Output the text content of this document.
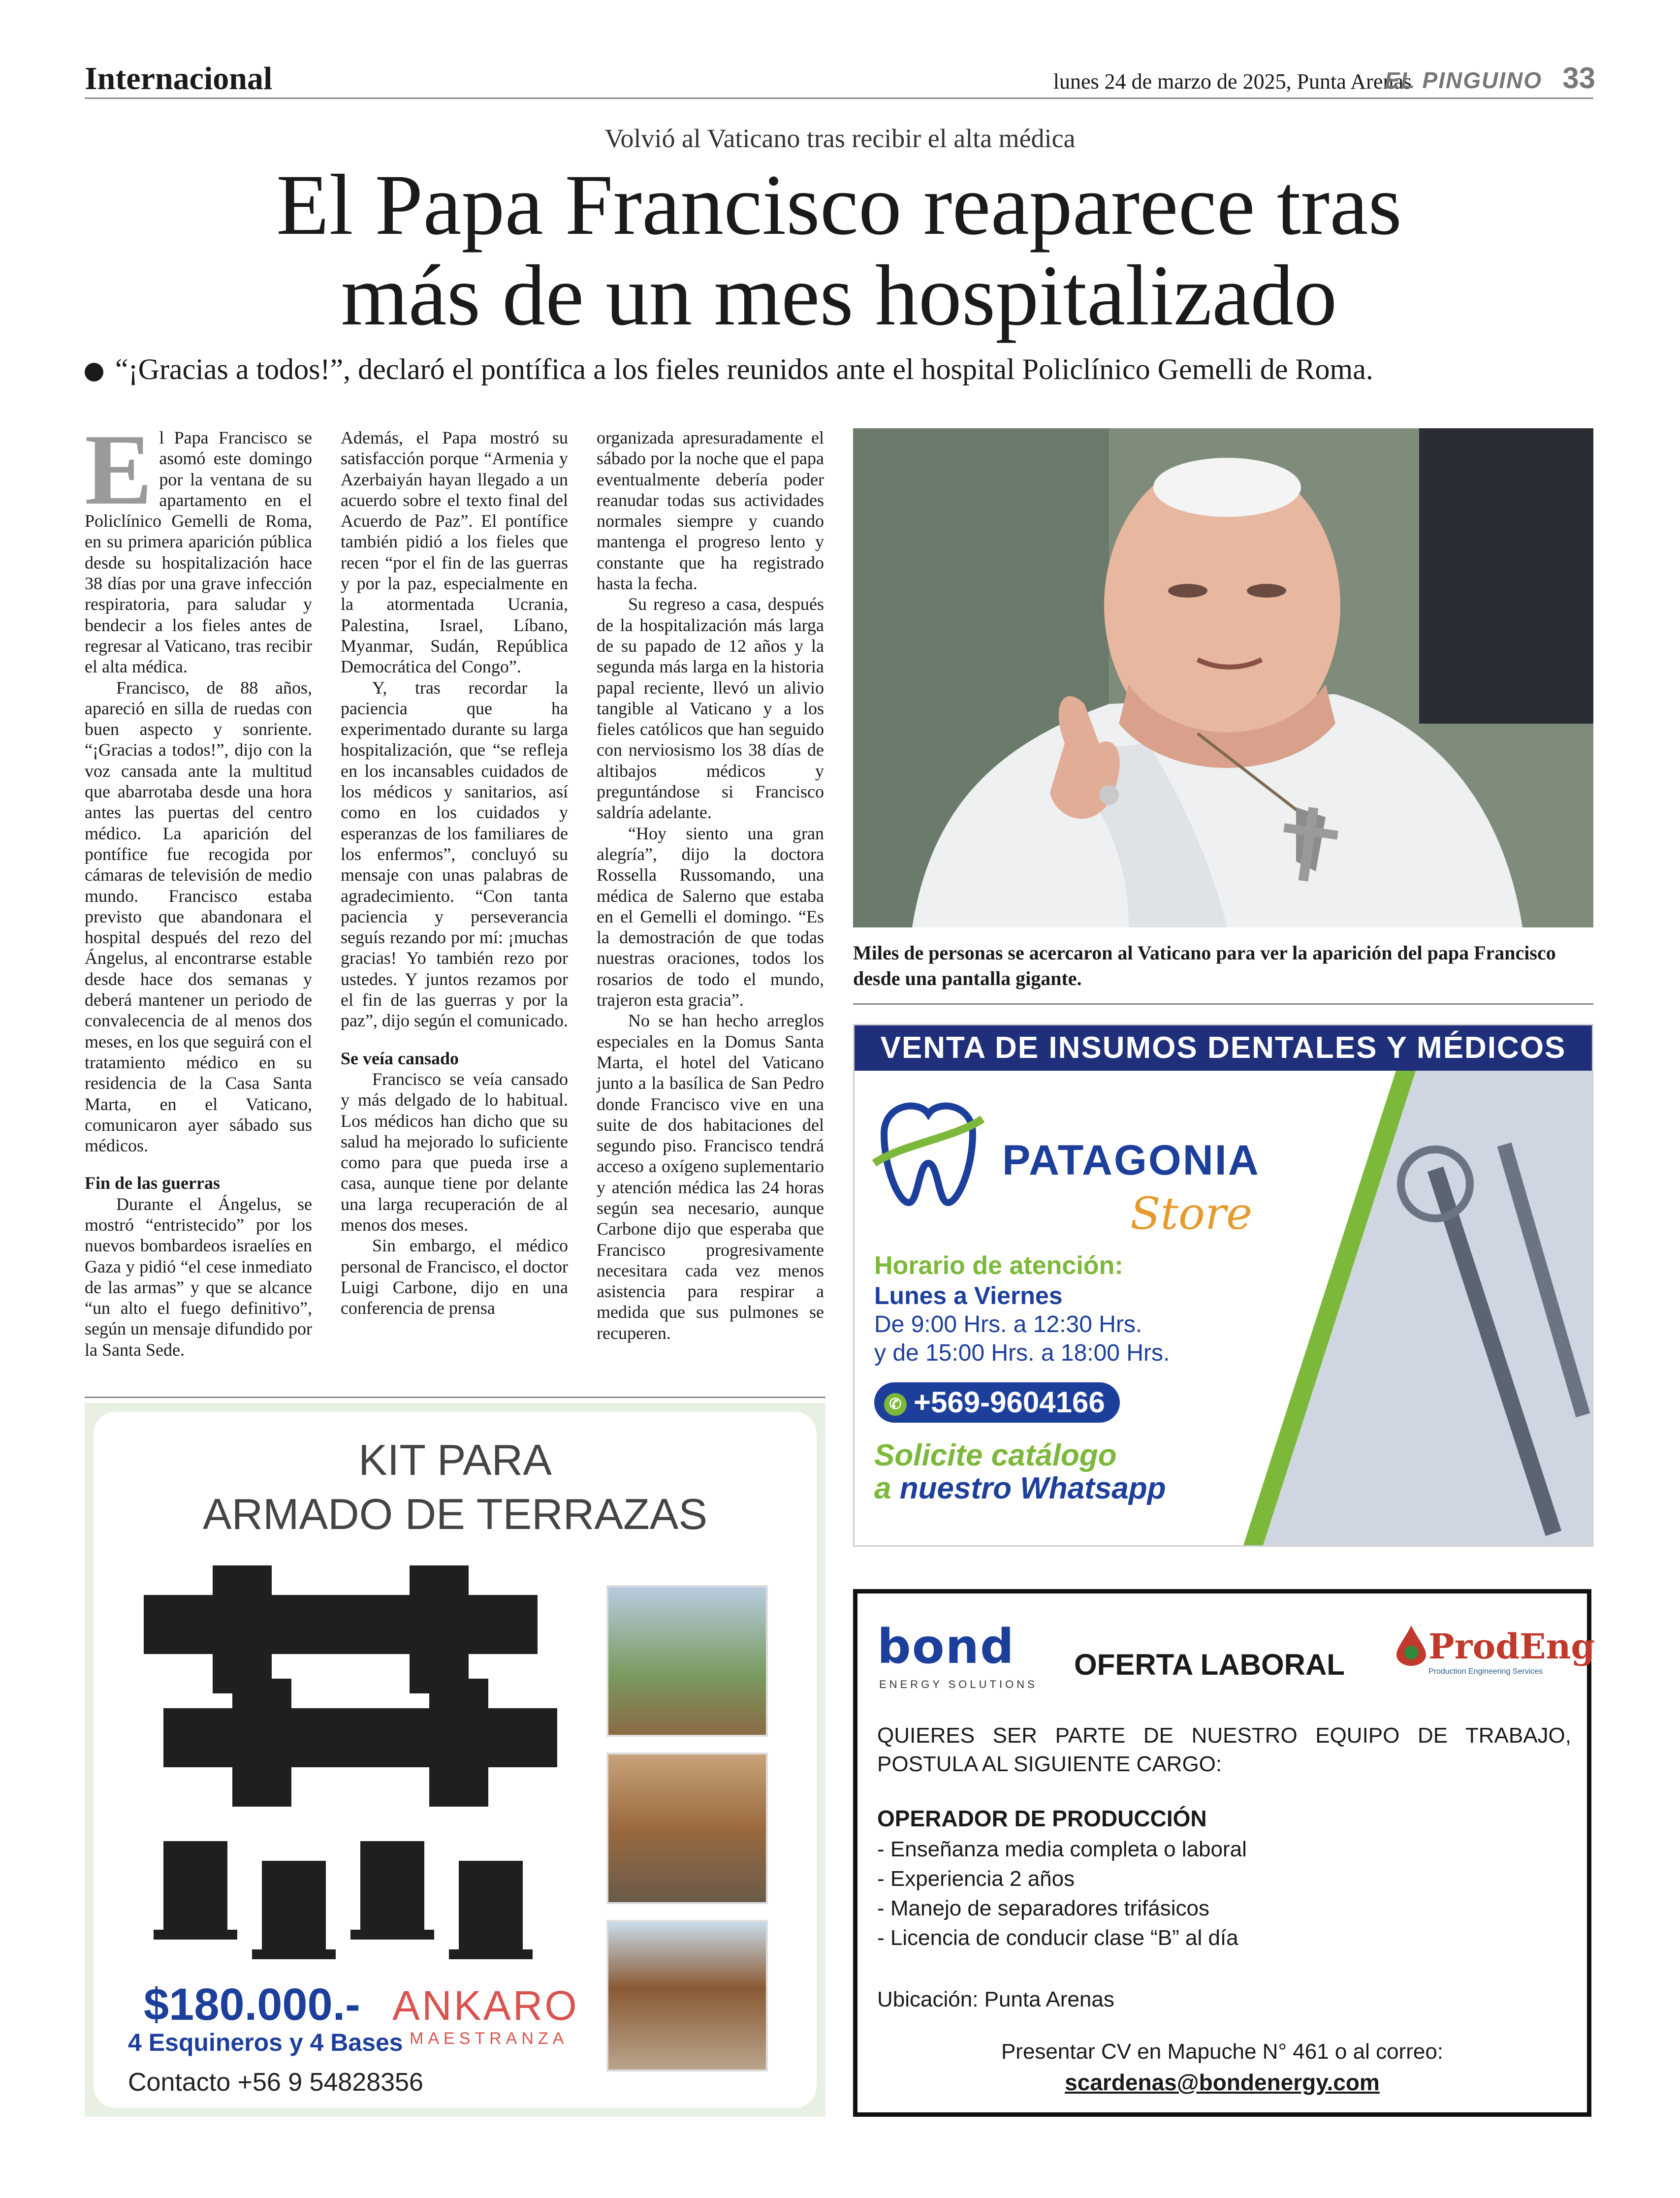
Internacional	lunes 24 de marzo de 2025, Punta Arenas
EL PINGUINO 33
Volvió al Vaticano tras recibir el alta médica
El Papa Francisco reaparece tras
más de un mes hospitalizado
“¡Gracias a todos!”, declaró el pontífica a los fieles reunidos ante el hospital Policlínico Gemelli de Roma.

El Papa Francisco se asomó este domingo por la ventana de su apartamento en el Policlínico Gemelli de Roma, en su primera aparición pública desde su hospitalización hace 38 días por una grave infección respiratoria, para saludar y bendecir a los fieles antes de regresar al Vaticano, tras recibir el alta médica.

Francisco, de 88 años, apareció en silla de ruedas con buen aspecto y sonriente. “¡Gracias a todos!”, dijo con la voz cansada ante la multitud que abarrotaba desde una hora antes las puertas del centro médico. La aparición del pontífice fue recogida por cámaras de televisión de medio mundo. Francisco estaba previsto que abandonara el hospital después del rezo del Ángelus, al encontrarse estable desde hace dos semanas y deberá mantener un periodo de convalecencia de al menos dos meses, en los que seguirá con el tratamiento médico en su residencia de la Casa Santa Marta, en el Vaticano, comunicaron ayer sábado sus médicos.

Fin de las guerras

Durante el Ángelus, se mostró “entristecido” por los nuevos bombardeos israelíes en Gaza y pidió “el cese inmediato de las armas” y que se alcance “un alto el fuego definitivo”, según un mensaje difundido por la Santa Sede.

Además, el Papa mostró su satisfacción porque “Armenia y Azerbaiyán hayan llegado a un acuerdo sobre el texto final del Acuerdo de Paz”. El pontífice también pidió a los fieles que recen “por el fin de las guerras y por la paz, especialmente en la atormentada Ucrania, Palestina, Israel, Líbano, Myanmar, Sudán, República Democrática del Congo”.

Y, tras recordar la paciencia que ha experimentado durante su larga hospitalización, que “se refleja en los incansables cuidados de los médicos y sanitarios, así como en los cuidados y esperanzas de los familiares de los enfermos”, concluyó su mensaje con unas palabras de agradecimiento. “Con tanta paciencia y perseverancia seguís rezando por mí: ¡muchas gracias! Yo también rezo por ustedes. Y juntos rezamos por el fin de las guerras y por la paz”, dijo según el comunicado.

Se veía cansado

Francisco se veía cansado y más delgado de lo habitual. Los médicos han dicho que su salud ha mejorado lo suficiente como para que pueda irse a casa, aunque tiene por delante una larga recuperación de al menos dos meses.

Sin embargo, el médico personal de Francisco, el doctor Luigi Carbone, dijo en una conferencia de prensa

organizada apresuradamente el sábado por la noche que el papa eventualmente debería poder reanudar todas sus actividades normales siempre y cuando mantenga el progreso lento y constante que ha registrado hasta la fecha.

Su regreso a casa, después de la hospitalización más larga de su papado de 12 años y la segunda más larga en la historia papal reciente, llevó un alivio tangible al Vaticano y a los fieles católicos que han seguido con nerviosismo los 38 días de altibajos médicos y preguntándose si Francisco saldría adelante.

“Hoy siento una gran alegría”, dijo la doctora Rossella Russomando, una médica de Salerno que estaba en el Gemelli el domingo. “Es la demostración de que todas nuestras oraciones, todos los rosarios de todo el mundo, trajeron esta gracia”.

No se han hecho arreglos especiales en la Domus Santa Marta, el hotel del Vaticano junto a la basílica de San Pedro donde Francisco vive en una suite de dos habitaciones del segundo piso. Francisco tendrá acceso a oxígeno suplementario y atención médica las 24 horas según sea necesario, aunque Carbone dijo que esperaba que Francisco progresivamente necesitara cada vez menos asistencia para respirar a medida que sus pulmones se recuperen.

Miles de personas se acercaron al Vaticano para ver la aparición del papa Francisco desde una pantalla gigante.
VENTA DE INSUMOS DENTALES Y MÉDICOS
PATAGONIA
Store
Horario de atención:
Lunes a Viernes
De 9:00 Hrs. a 12:30 Hrs.
y de 15:00 Hrs. a 18:00 Hrs.
✆ +569-9604166
Solicite catálogo
a nuestro Whatsapp
KIT PARA
ARMADO DE TERRAZAS
$180.000.- ANKARO
MAESTRANZA
4 Esquineros y 4 Bases
Contacto +56 9 54828356
bond
ENERGY SOLUTIONS
OFERTA LABORAL ProdEng
Production Engineering Services
QUIERES SER PARTE DE NUESTRO EQUIPO DE TRABAJO, POSTULA AL SIGUIENTE CARGO:
OPERADOR DE PRODUCCIÓN
- Enseñanza media completa o laboral
- Experiencia 2 años
- Manejo de separadores trifásicos
- Licencia de conducir clase “B” al día
Ubicación: Punta Arenas
Presentar CV en Mapuche N° 461 o al correo:
scardenas@bondenergy.com
